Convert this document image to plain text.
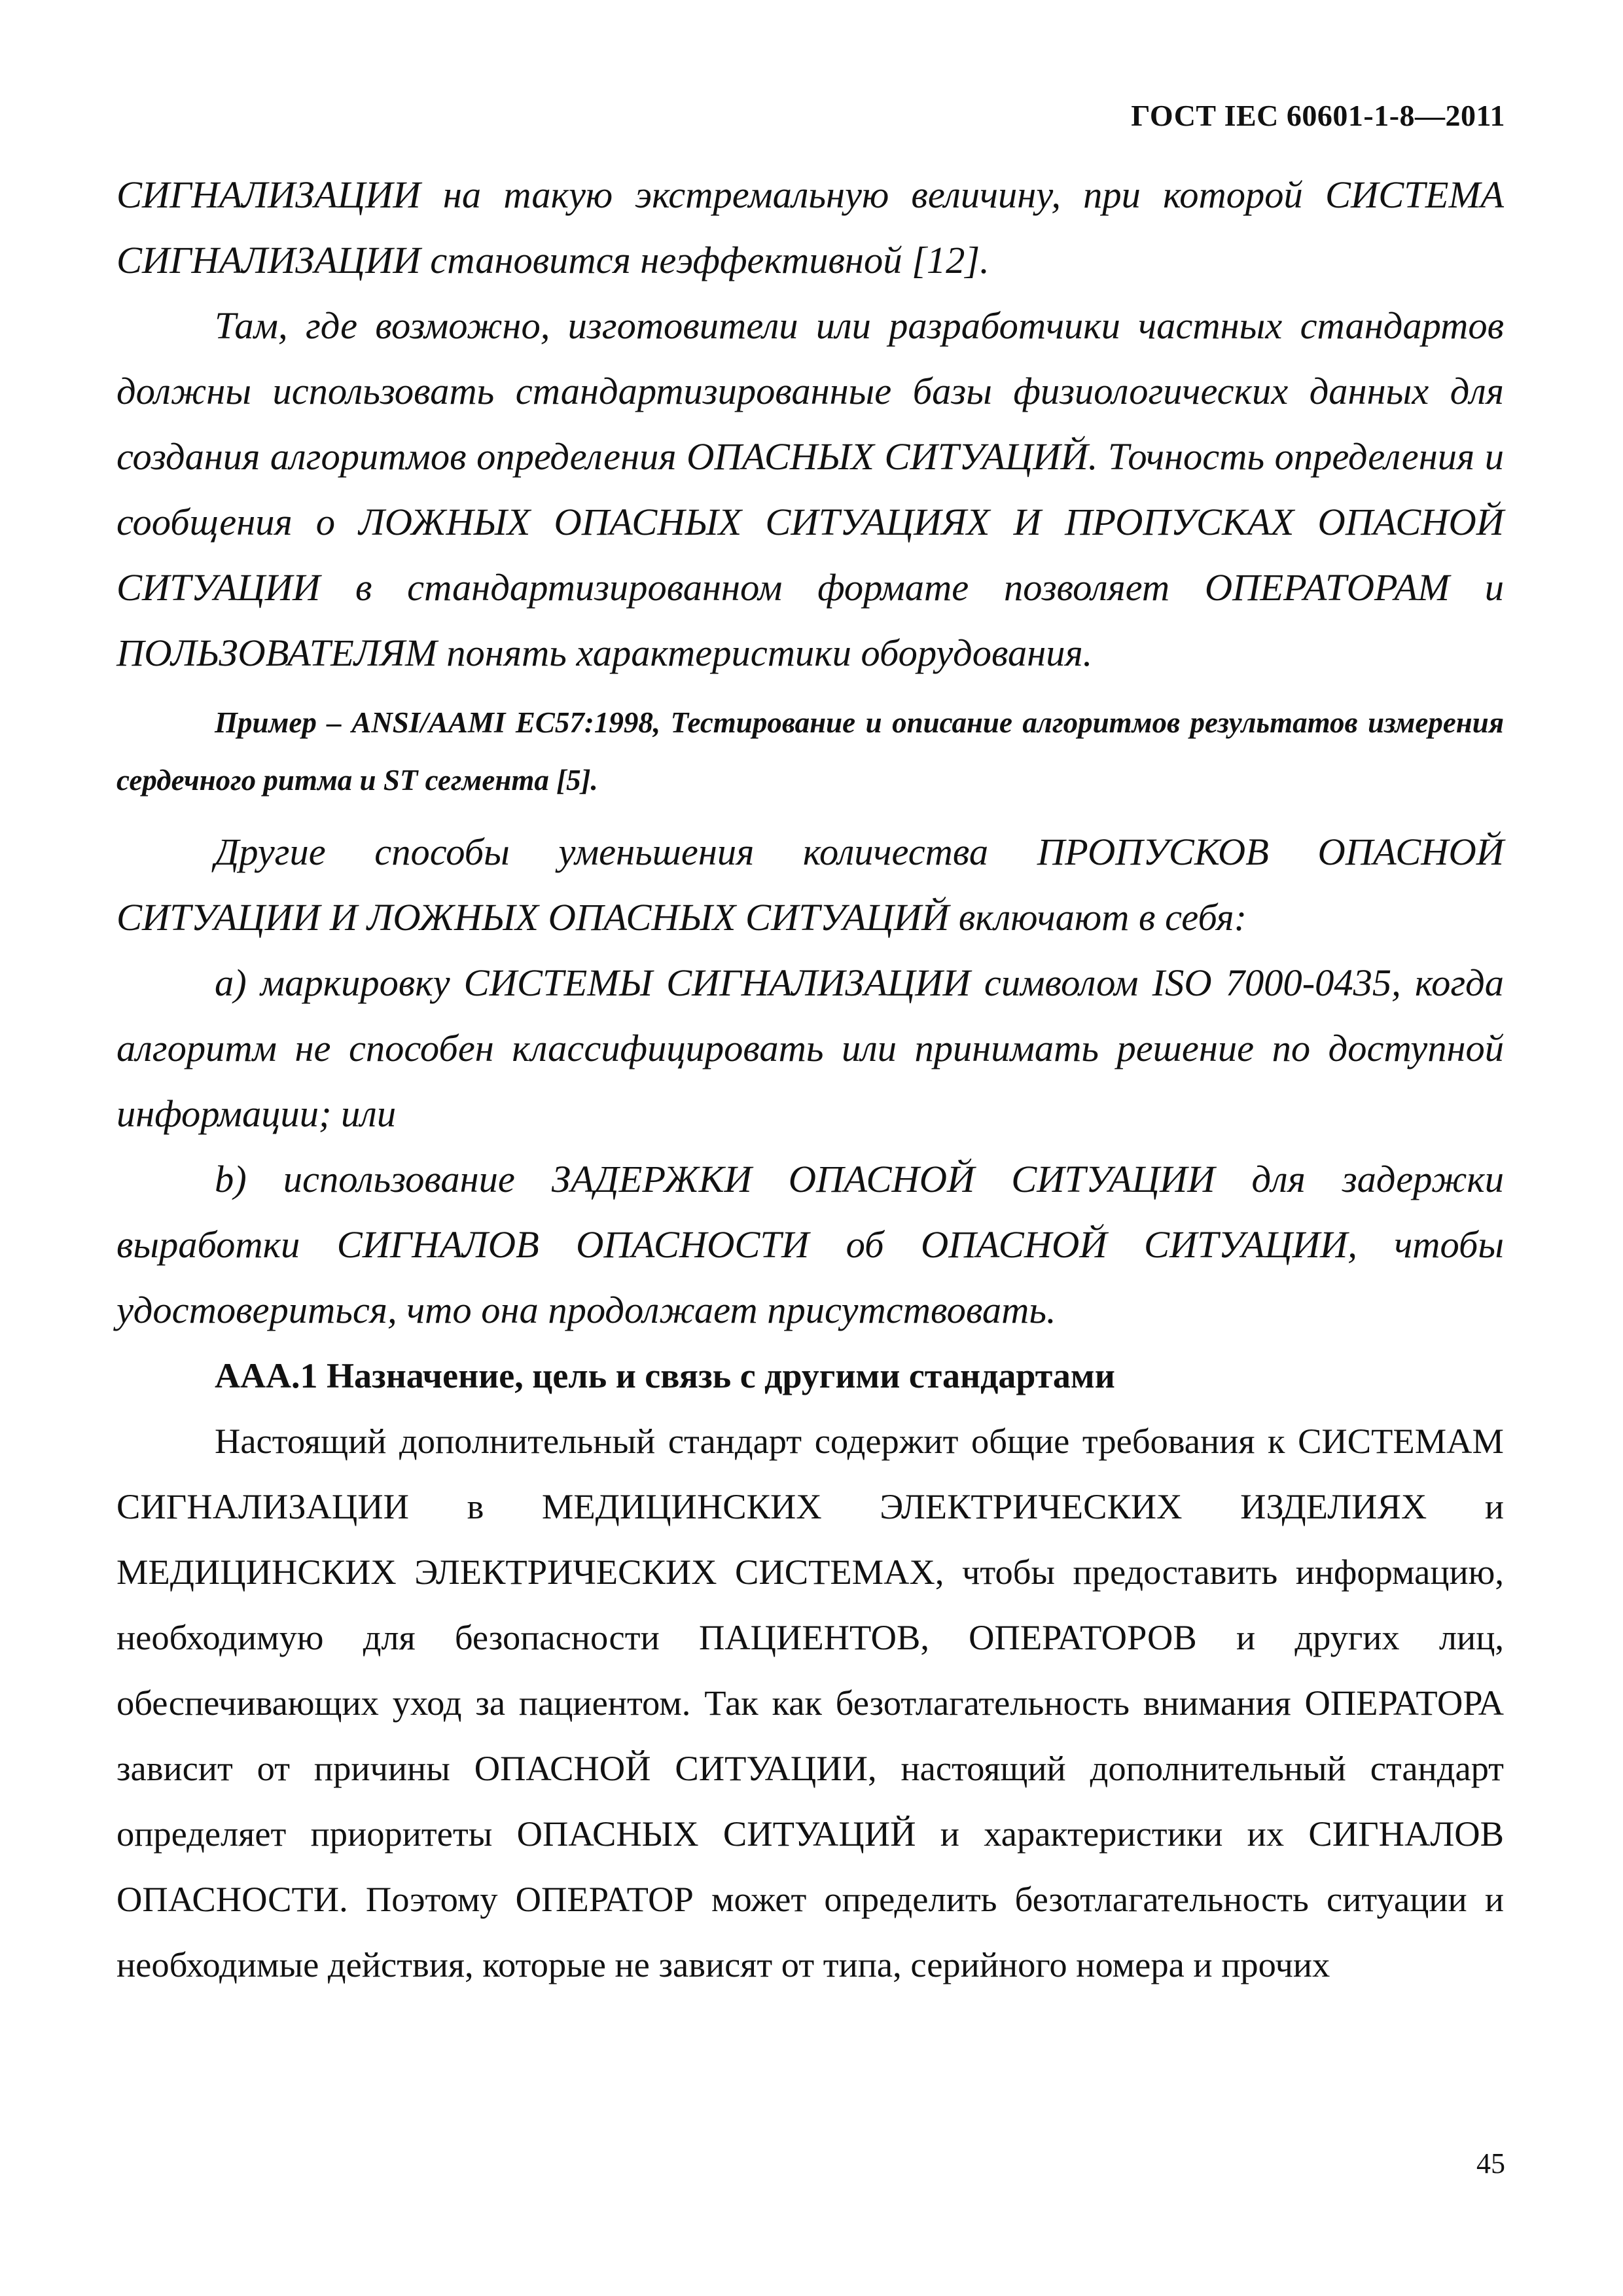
ГОСТ IEC 60601-1-8—2011

СИГНАЛИЗАЦИИ на такую экстремальную величину, при которой СИСТЕМА СИГНАЛИЗАЦИИ становится неэффективной [12].

Там, где возможно, изготовители или разработчики частных стандартов должны использовать стандартизированные базы физиологических данных для создания алгоритмов определения ОПАСНЫХ СИТУАЦИЙ. Точность определения и сообщения о ЛОЖНЫХ ОПАСНЫХ СИТУАЦИЯХ И ПРОПУСКАХ ОПАСНОЙ СИТУАЦИИ в стандартизированном формате позволяет ОПЕРАТОРАМ и ПОЛЬЗОВАТЕЛЯМ понять характеристики оборудования.

Пример – ANSI/AAMI EC57:1998, Тестирование и описание алгоритмов результатов измерения сердечного ритма и ST сегмента [5].

Другие способы уменьшения количества ПРОПУСКОВ ОПАСНОЙ СИТУАЦИИ И ЛОЖНЫХ ОПАСНЫХ СИТУАЦИЙ включают в себя:

a) маркировку СИСТЕМЫ СИГНАЛИЗАЦИИ символом ISO 7000-0435, когда алгоритм не способен классифицировать или принимать решение по доступной информации; или

b) использование ЗАДЕРЖКИ ОПАСНОЙ СИТУАЦИИ для задержки выработки СИГНАЛОВ ОПАСНОСТИ об ОПАСНОЙ СИТУАЦИИ, чтобы удостовериться, что она продолжает присутствовать.

AAA.1 Назначение, цель и связь с другими стандартами

Настоящий дополнительный стандарт содержит общие требования к СИСТЕМАМ СИГНАЛИЗАЦИИ в МЕДИЦИНСКИХ ЭЛЕКТРИЧЕСКИХ ИЗДЕЛИЯХ и МЕДИЦИНСКИХ ЭЛЕКТРИЧЕСКИХ СИСТЕМАХ, чтобы предоставить информацию, необходимую для безопасности ПАЦИЕНТОВ, ОПЕРАТОРОВ и других лиц, обеспечивающих уход за пациентом. Так как безотлагательность внимания ОПЕРАТОРА зависит от причины ОПАСНОЙ СИТУАЦИИ, настоящий дополнительный стандарт определяет приоритеты ОПАСНЫХ СИТУАЦИЙ и характеристики их СИГНАЛОВ ОПАСНОСТИ. Поэтому ОПЕРАТОР может определить безотлагательность ситуации и необходимые действия, которые не зависят от типа, серийного номера и прочих

45
